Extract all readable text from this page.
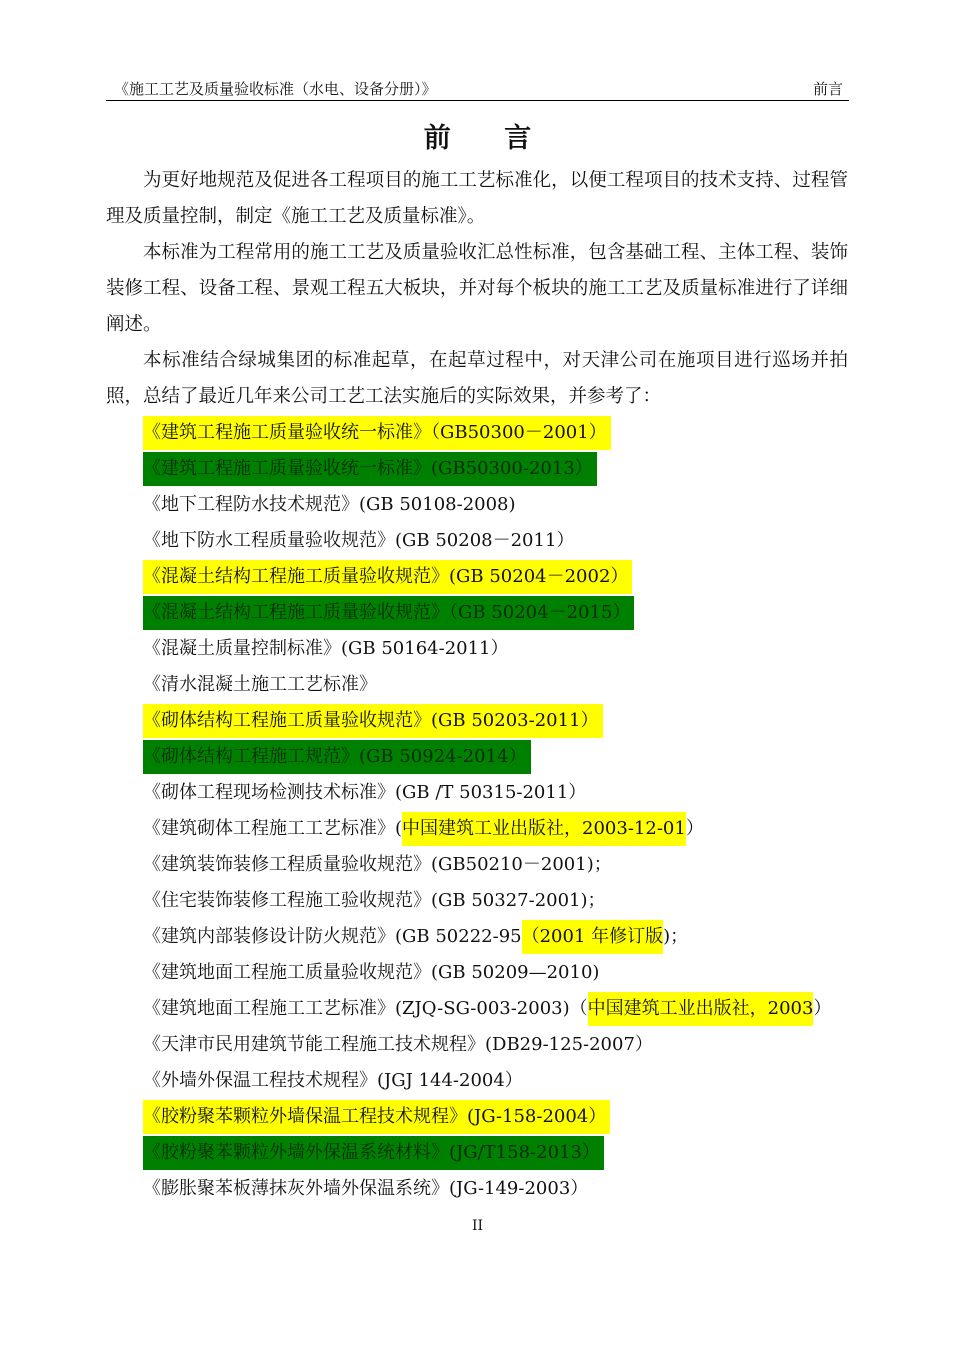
《施工工艺及质量验收标准（水电、设备分册）》	前言
前 言

为更好地规范及促进各工程项目的施工工艺标准化，以便工程项目的技术支持、过程管理及质量控制，制定《施工工艺及质量标准》。

本标准为工程常用的施工工艺及质量验收汇总性标准，包含基础工程、主体工程、装饰装修工程、设备工程、景观工程五大板块，并对每个板块的施工工艺及质量标准进行了详细阐述。

本标准结合绿城集团的标准起草，在起草过程中，对天津公司在施项目进行巡场并拍照，总结了最近几年来公司工艺工法实施后的实际效果，并参考了：

《建筑工程施工质量验收统一标准》（GB50300－2001）
《建筑工程施工质量验收统一标准》(GB50300-2013）
《地下工程防水技术规范》(GB 50108-2008)
《地下防水工程质量验收规范》(GB 50208－2011）
《混凝土结构工程施工质量验收规范》(GB 50204－2002）
《混凝土结构工程施工质量验收规范》（GB 50204－2015）
《混凝土质量控制标准》(GB 50164-2011）
《清水混凝土施工工艺标准》
《砌体结构工程施工质量验收规范》(GB 50203-2011）
《砌体结构工程施工规范》(GB 50924-2014）
《砌体工程现场检测技术标准》(GB /T 50315-2011）
《建筑砌体工程施工工艺标准》(中国建筑工业出版社，2003-12-01）
《建筑装饰装修工程质量验收规范》(GB50210－2001)；
《住宅装饰装修工程施工验收规范》(GB 50327-2001)；
《建筑内部装修设计防火规范》(GB 50222-95（2001 年修订版)；
《建筑地面工程施工质量验收规范》(GB 50209—2010)
《建筑地面工程施工工艺标准》(ZJQ-SG-003-2003)（中国建筑工业出版社，2003）
《天津市民用建筑节能工程施工技术规程》(DB29-125-2007）
《外墙外保温工程技术规程》(JGJ 144-2004）
《胶粉聚苯颗粒外墙保温工程技术规程》(JG-158-2004）
《胶粉聚苯颗粒外墙外保温系统材料》(JG/T158-2013）
《膨胀聚苯板薄抹灰外墙外保温系统》(JG-149-2003）
II
